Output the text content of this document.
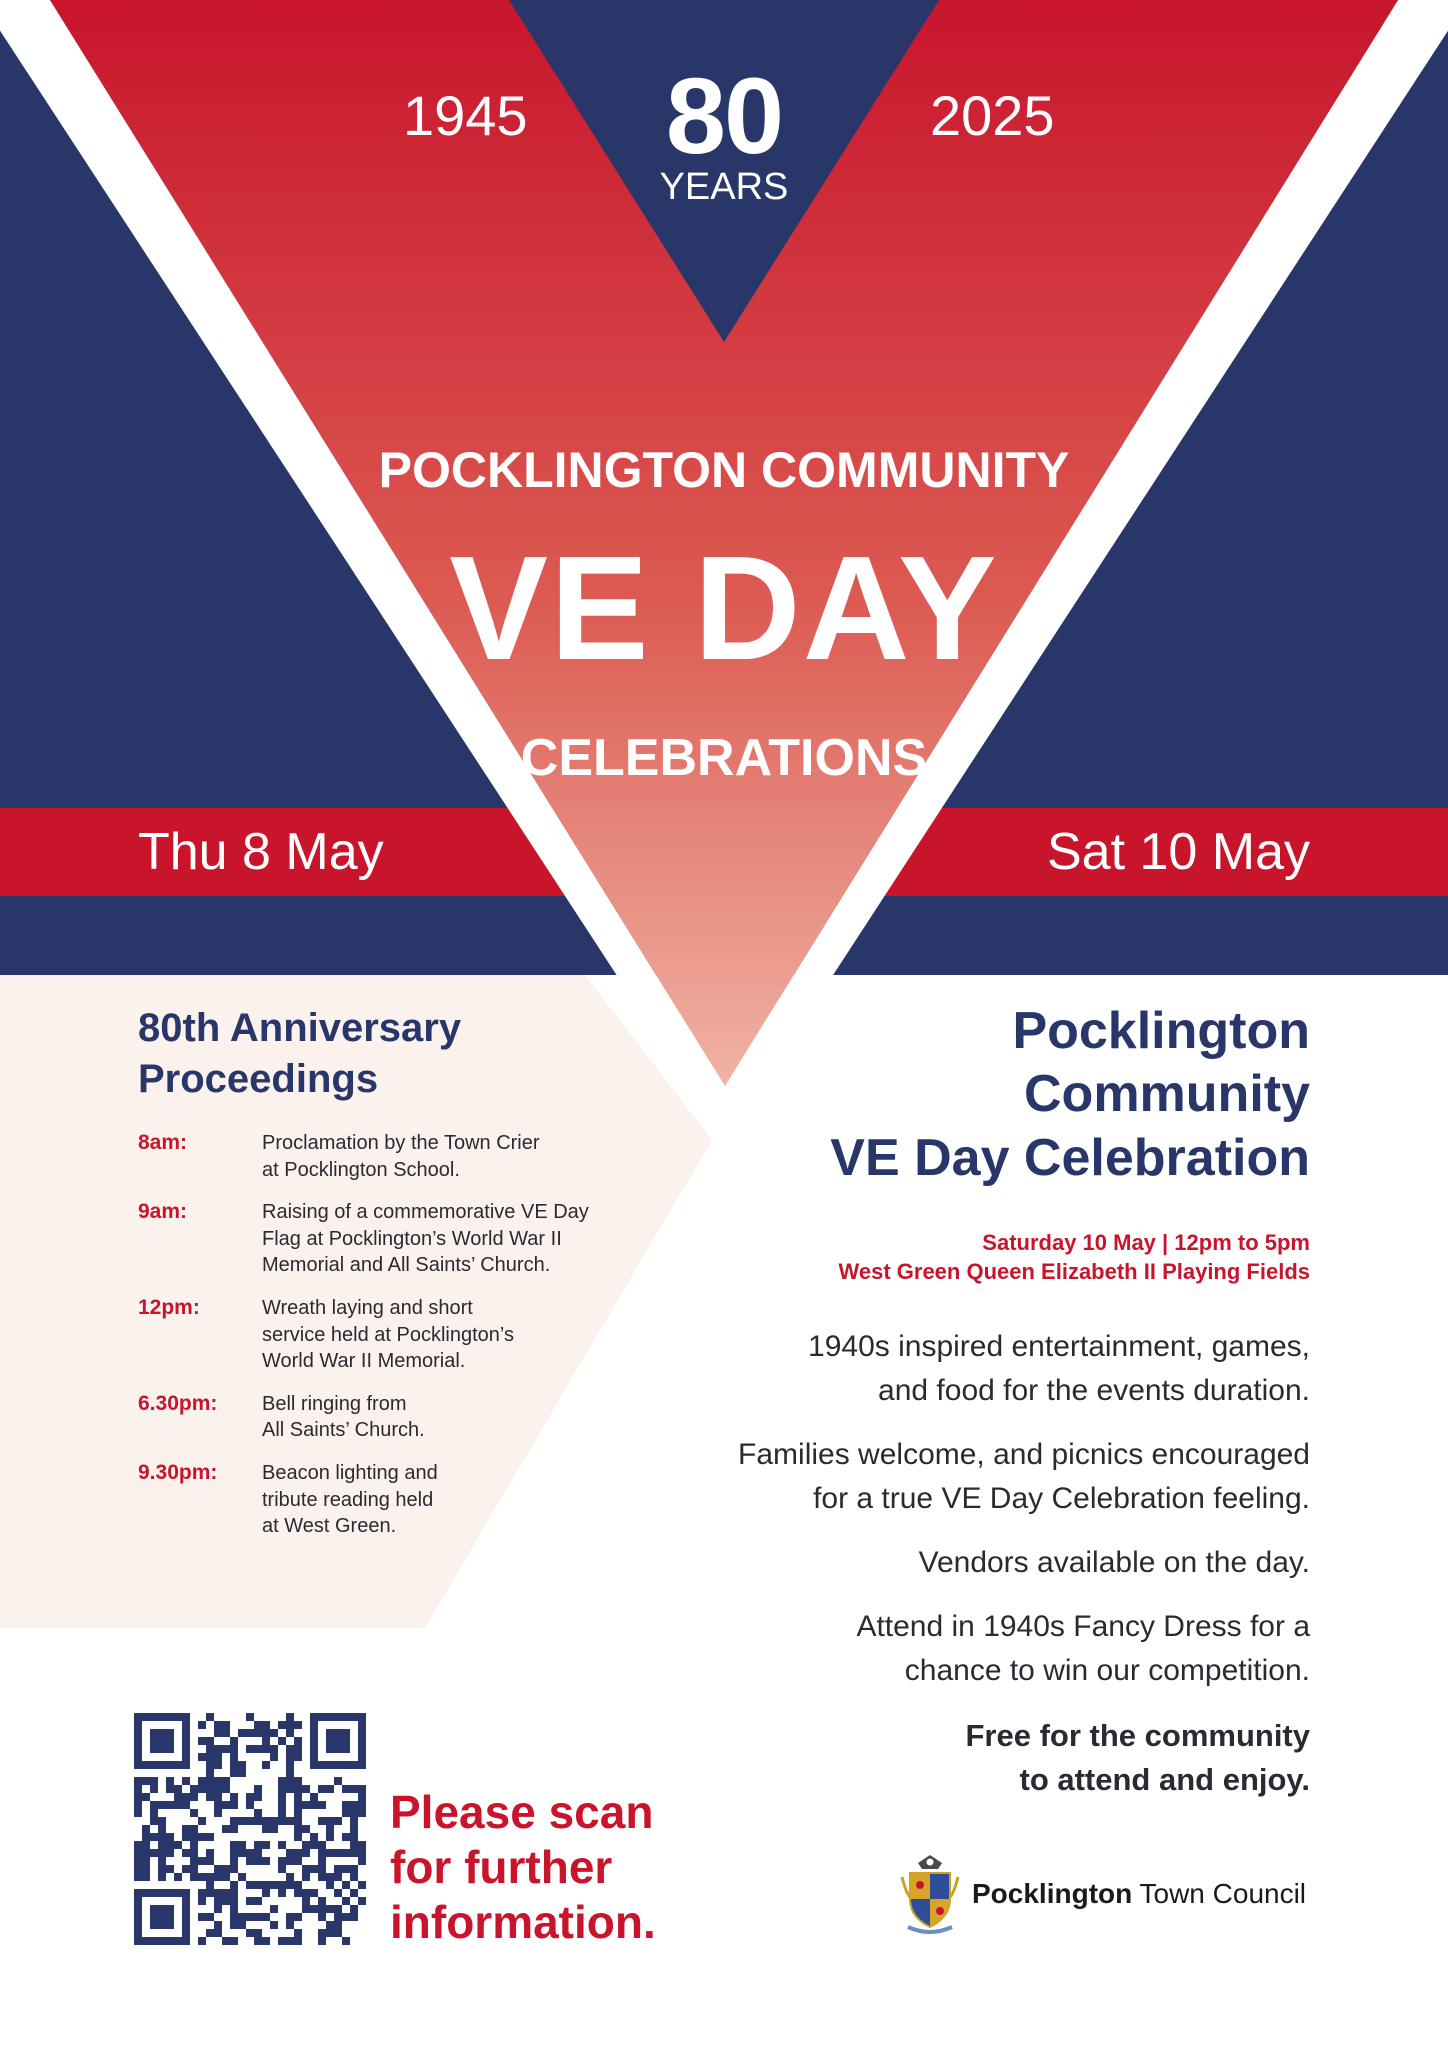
1945	80
YEARS
2025
POCKLINGTON COMMUNITY
VE DAY
CELEBRATIONS
Thu 8 May	Sat 10 May
80th Anniversary Proceedings
8am:	Proclamation by the Town Crier
at Pocklington School.
9am:	Raising of a commemorative VE Day
Flag at Pocklington’s World War II
Memorial and All Saints’ Church.
12pm:	Wreath laying and short
service held at Pocklington’s
World War II Memorial.
6.30pm:	Bell ringing from
All Saints’ Church.
9.30pm:	Beacon lighting and
tribute reading held
at West Green.
Pocklington
Community
VE Day Celebration
Saturday 10 May | 12pm to 5pm
West Green Queen Elizabeth II Playing Fields
1940s inspired entertainment, games,
and food for the events duration.
Families welcome, and picnics encouraged
for a true VE Day Celebration feeling.
Vendors available on the day.
Attend in 1940s Fancy Dress for a
chance to win our competition.
Free for the community
to attend and enjoy.
Please scan
for further
information.
Pocklington Town Council
